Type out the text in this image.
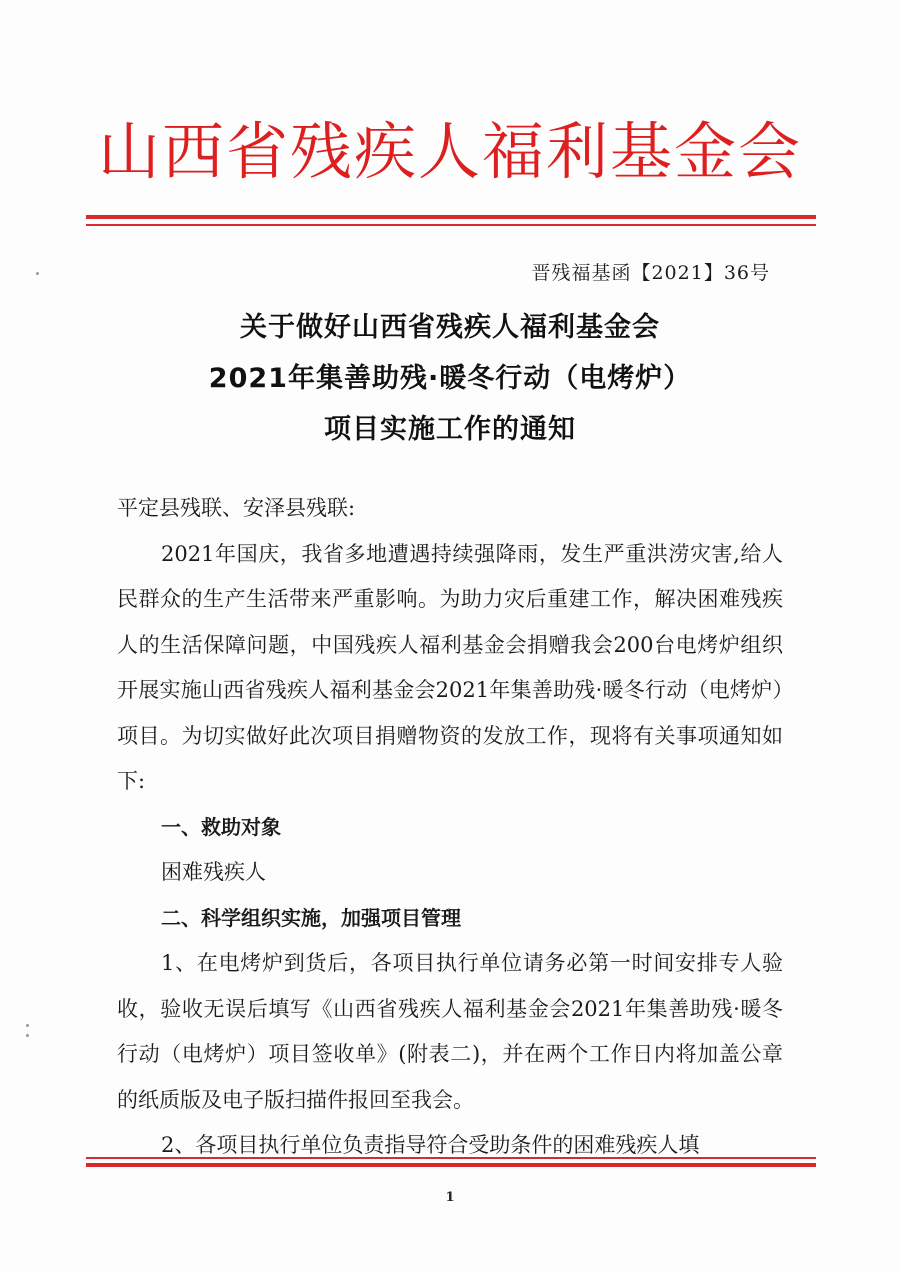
山西省残疾人福利基金会
晋残福基函【2021】36号
关于做好山西省残疾人福利基金会
2021年集善助残·暖冬行动（电烤炉）
项目实施工作的通知

平定县残联、安泽县残联:

2021年国庆，我省多地遭遇持续强降雨，发生严重洪涝灾害,给人民群众的生产生活带来严重影响。为助力灾后重建工作，解决困难残疾人的生活保障问题，中国残疾人福利基金会捐赠我会200台电烤炉组织开展实施山西省残疾人福利基金会2021年集善助残·暖冬行动（电烤炉）项目。为切实做好此次项目捐赠物资的发放工作，现将有关事项通知如下:

一、救助对象

困难残疾人

二、科学组织实施，加强项目管理

1、在电烤炉到货后，各项目执行单位请务必第一时间安排专人验收，验收无误后填写《山西省残疾人福利基金会2021年集善助残·暖冬行动（电烤炉）项目签收单》(附表二)，并在两个工作日内将加盖公章的纸质版及电子版扫描件报回至我会。

2、各项目执行单位负责指导符合受助条件的困难残疾人填

1
